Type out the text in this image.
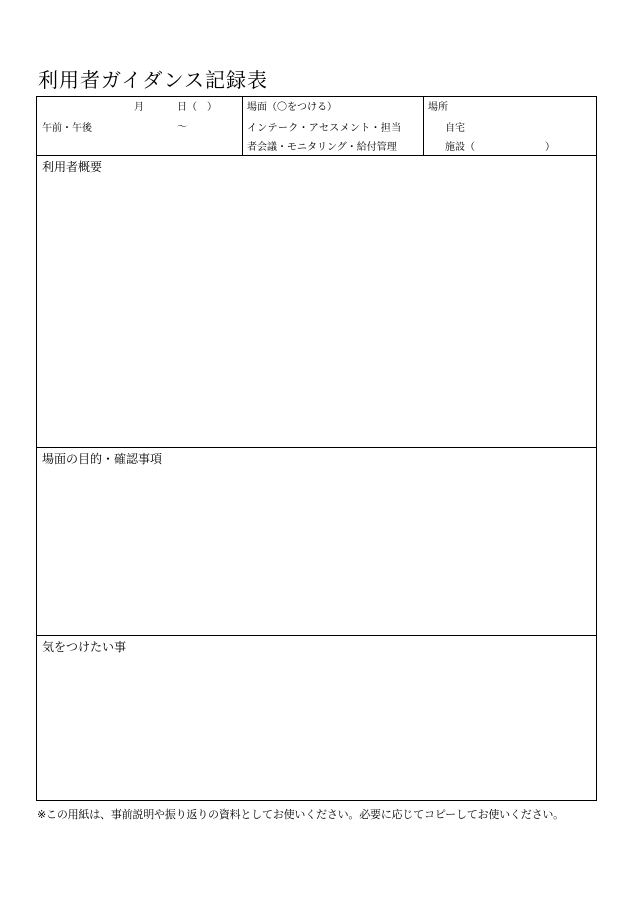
利用者ガイダンス記録表
月	日（　）
午前・午後	〜
場面（〇をつける）
インテーク・アセスメント・担当
者会議・モニタリング・給付管理
場所
自宅
施設（　　　　　　　）
利用者概要
場面の目的・確認事項
気をつけたい事
※この用紙は、事前説明や振り返りの資料としてお使いください。必要に応じてコピーしてお使いください。
